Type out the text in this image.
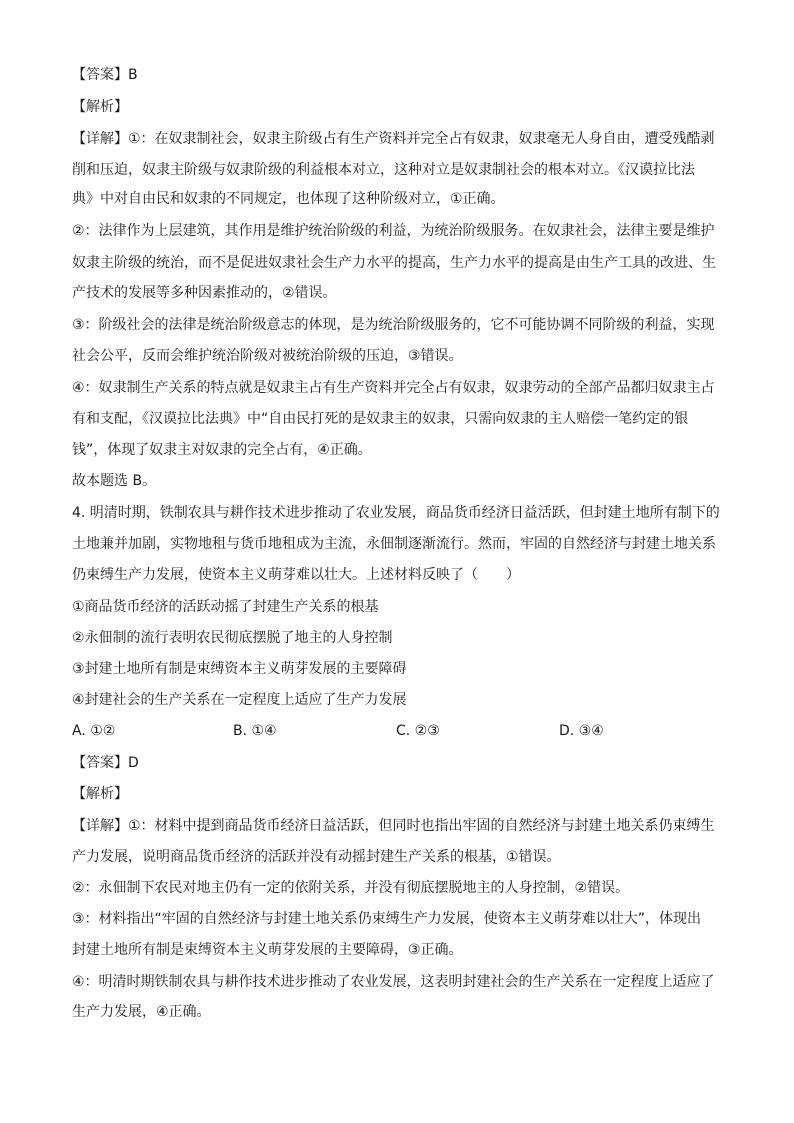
【答案】B
【解析】
【详解】①：在奴隶制社会，奴隶主阶级占有生产资料并完全占有奴隶，奴隶毫无人身自由，遭受残酷剥
削和压迫，奴隶主阶级与奴隶阶级的利益根本对立，这种对立是奴隶制社会的根本对立。《汉谟拉比法
典》中对自由民和奴隶的不同规定，也体现了这种阶级对立，①正确。
②：法律作为上层建筑，其作用是维护统治阶级的利益，为统治阶级服务。在奴隶社会，法律主要是维护
奴隶主阶级的统治，而不是促进奴隶社会生产力水平的提高，生产力水平的提高是由生产工具的改进、生
产技术的发展等多种因素推动的，②错误。
③：阶级社会的法律是统治阶级意志的体现，是为统治阶级服务的，它不可能协调不同阶级的利益，实现
社会公平，反而会维护统治阶级对被统治阶级的压迫，③错误。
④：奴隶制生产关系的特点就是奴隶主占有生产资料并完全占有奴隶，奴隶劳动的全部产品都归奴隶主占
有和支配，《汉谟拉比法典》中“自由民打死的是奴隶主的奴隶，只需向奴隶的主人赔偿一笔约定的银
钱”，体现了奴隶主对奴隶的完全占有，④正确。
故本题选 B。
4. 明清时期，铁制农具与耕作技术进步推动了农业发展，商品货币经济日益活跃，但封建土地所有制下的
土地兼并加剧，实物地租与货币地租成为主流，永佃制逐渐流行。然而，牢固的自然经济与封建土地关系
仍束缚生产力发展，使资本主义萌芽难以壮大。上述材料反映了（　　）
①商品货币经济的活跃动摇了封建生产关系的根基
②永佃制的流行表明农民彻底摆脱了地主的人身控制
③封建土地所有制是束缚资本主义萌芽发展的主要障碍
④封建社会的生产关系在一定程度上适应了生产力发展
A. ①②	B. ①④	C. ②③	D. ③④
【答案】D
【解析】
【详解】①：材料中提到商品货币经济日益活跃，但同时也指出牢固的自然经济与封建土地关系仍束缚生
产力发展，说明商品货币经济的活跃并没有动摇封建生产关系的根基，①错误。
②：永佃制下农民对地主仍有一定的依附关系，并没有彻底摆脱地主的人身控制，②错误。
③：材料指出“牢固的自然经济与封建土地关系仍束缚生产力发展，使资本主义萌芽难以壮大”，体现出
封建土地所有制是束缚资本主义萌芽发展的主要障碍，③正确。
④：明清时期铁制农具与耕作技术进步推动了农业发展，这表明封建社会的生产关系在一定程度上适应了
生产力发展，④正确。
